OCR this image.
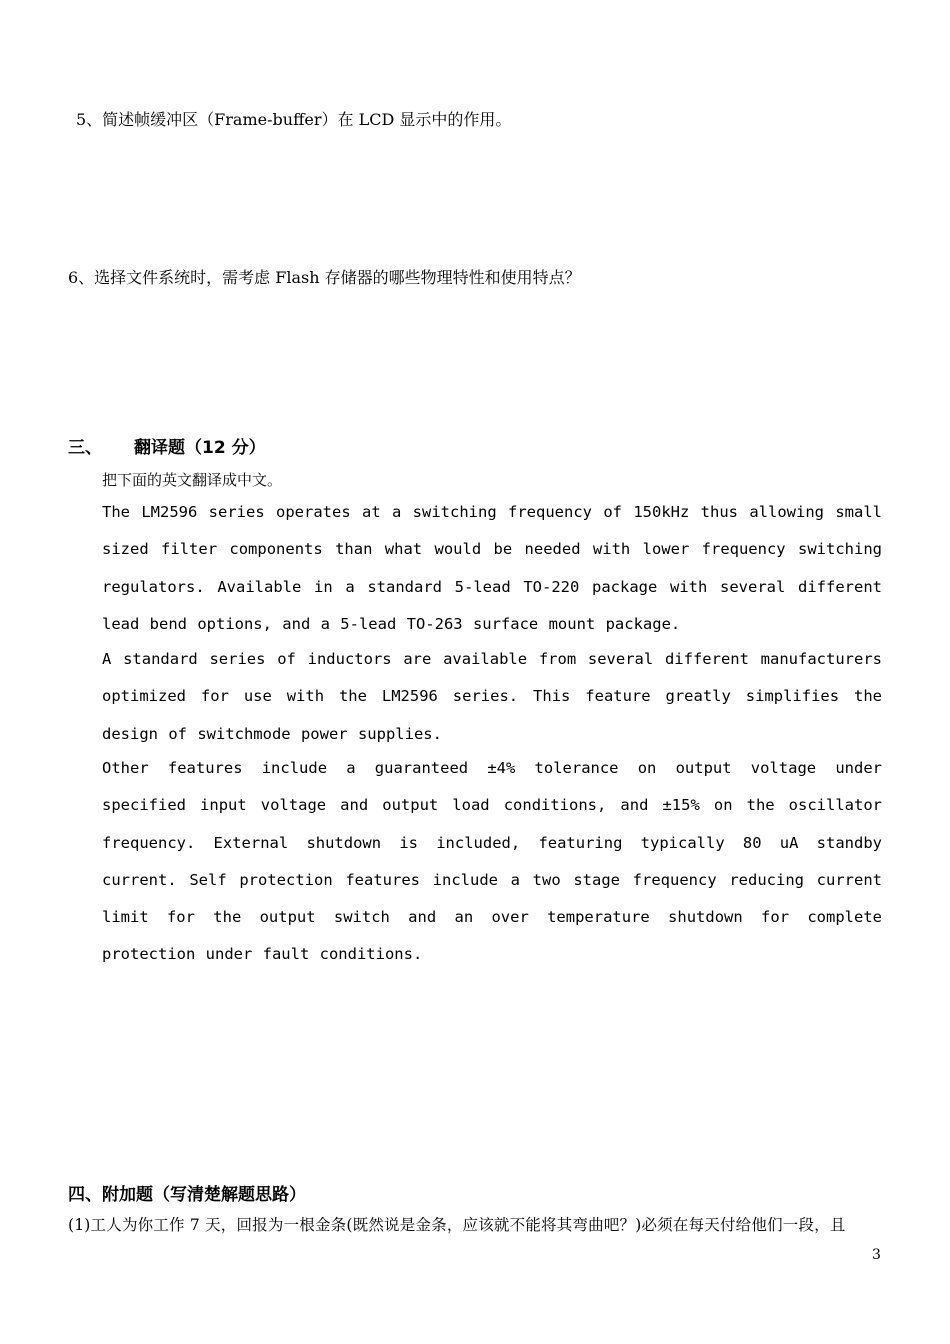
5、简述帧缓冲区（Frame-buffer）在 LCD 显示中的作用。
6、选择文件系统时，需考虑 Flash 存储器的哪些物理特性和使用特点？
三、 翻译题（12 分）
把下面的英文翻译成中文。
The LM2596 series operates at a switching frequency of 150kHz thus allowing small sized filter components than what would be needed with lower frequency switching regulators. Available in a standard 5-lead TO-220 package with several different lead bend options, and a 5-lead TO-263 surface mount package.
A standard series of inductors are available from several different manufacturers optimized for use with the LM2596 series. This feature greatly simplifies the design of switchmode power supplies.
Other features include a guaranteed ±4% tolerance on output voltage under specified input voltage and output load conditions, and ±15% on the oscillator frequency. External shutdown is included, featuring typically 80 uA standby current. Self protection features include a two stage frequency reducing current limit for the output switch and an over temperature shutdown for complete protection under fault conditions.
四、附加题（写清楚解题思路）
(1)工人为你工作 7 天，回报为一根金条(既然说是金条，应该就不能将其弯曲吧？)必须在每天付给他们一段，且
3
